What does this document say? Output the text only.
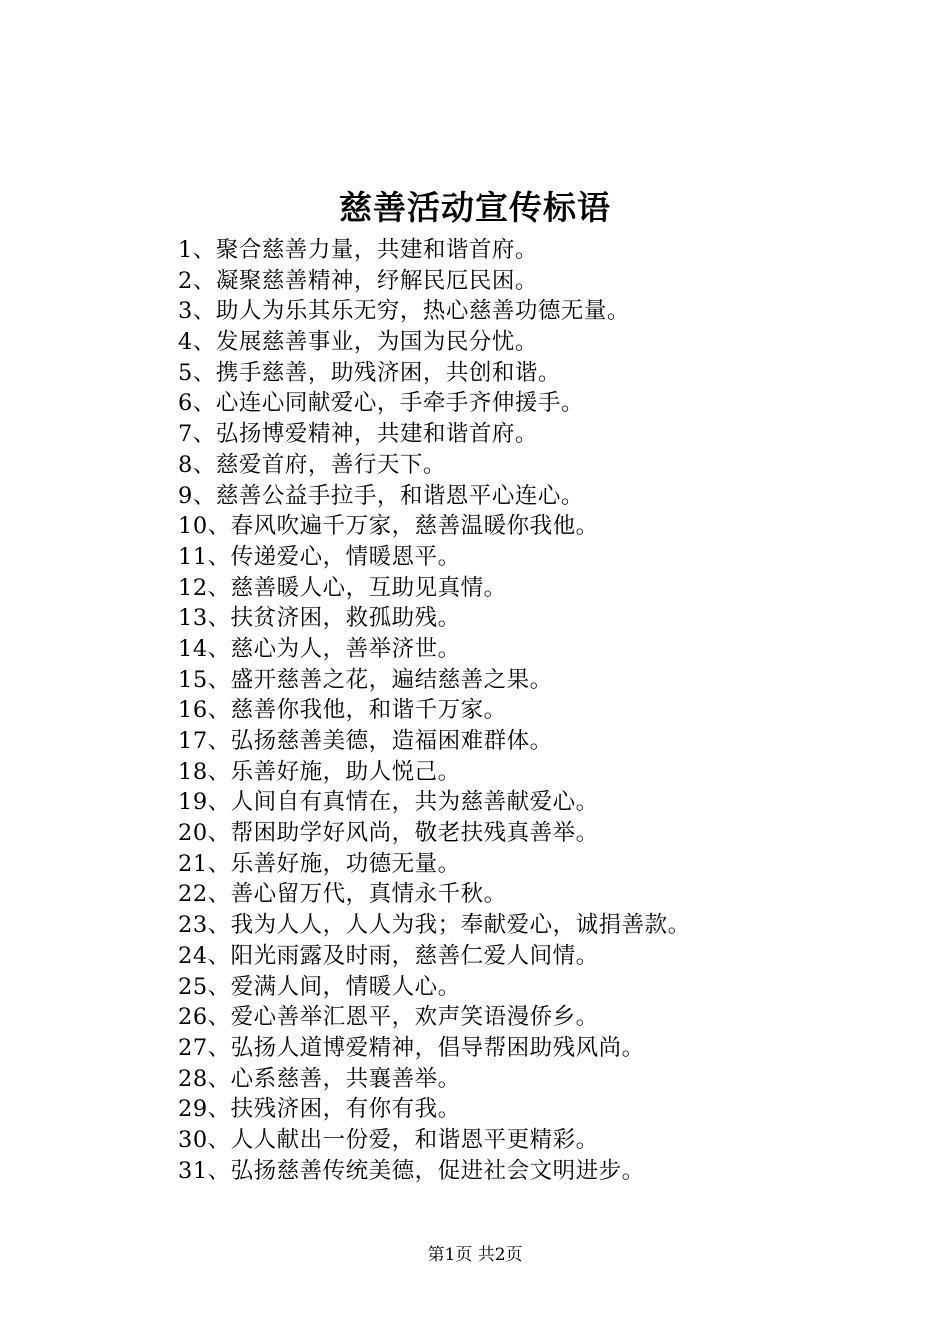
慈善活动宣传标语
1、聚合慈善力量，共建和谐首府。
2、凝聚慈善精神，纾解民厄民困。
3、助人为乐其乐无穷，热心慈善功德无量。
4、发展慈善事业，为国为民分忧。
5、携手慈善，助残济困，共创和谐。
6、心连心同献爱心，手牵手齐伸援手。
7、弘扬博爱精神，共建和谐首府。
8、慈爱首府，善行天下。
9、慈善公益手拉手，和谐恩平心连心。
10、春风吹遍千万家，慈善温暖你我他。
11、传递爱心，情暖恩平。
12、慈善暖人心，互助见真情。
13、扶贫济困，救孤助残。
14、慈心为人，善举济世。
15、盛开慈善之花，遍结慈善之果。
16、慈善你我他，和谐千万家。
17、弘扬慈善美德，造福困难群体。
18、乐善好施，助人悦己。
19、人间自有真情在，共为慈善献爱心。
20、帮困助学好风尚，敬老扶残真善举。
21、乐善好施，功德无量。
22、善心留万代，真情永千秋。
23、我为人人，人人为我；奉献爱心，诚捐善款。
24、阳光雨露及时雨，慈善仁爱人间情。
25、爱满人间，情暖人心。
26、爱心善举汇恩平，欢声笑语漫侨乡。
27、弘扬人道博爱精神，倡导帮困助残风尚。
28、心系慈善，共襄善举。
29、扶残济困，有你有我。
30、人人献出一份爱，和谐恩平更精彩。
31、弘扬慈善传统美德，促进社会文明进步。
第1页 共2页
